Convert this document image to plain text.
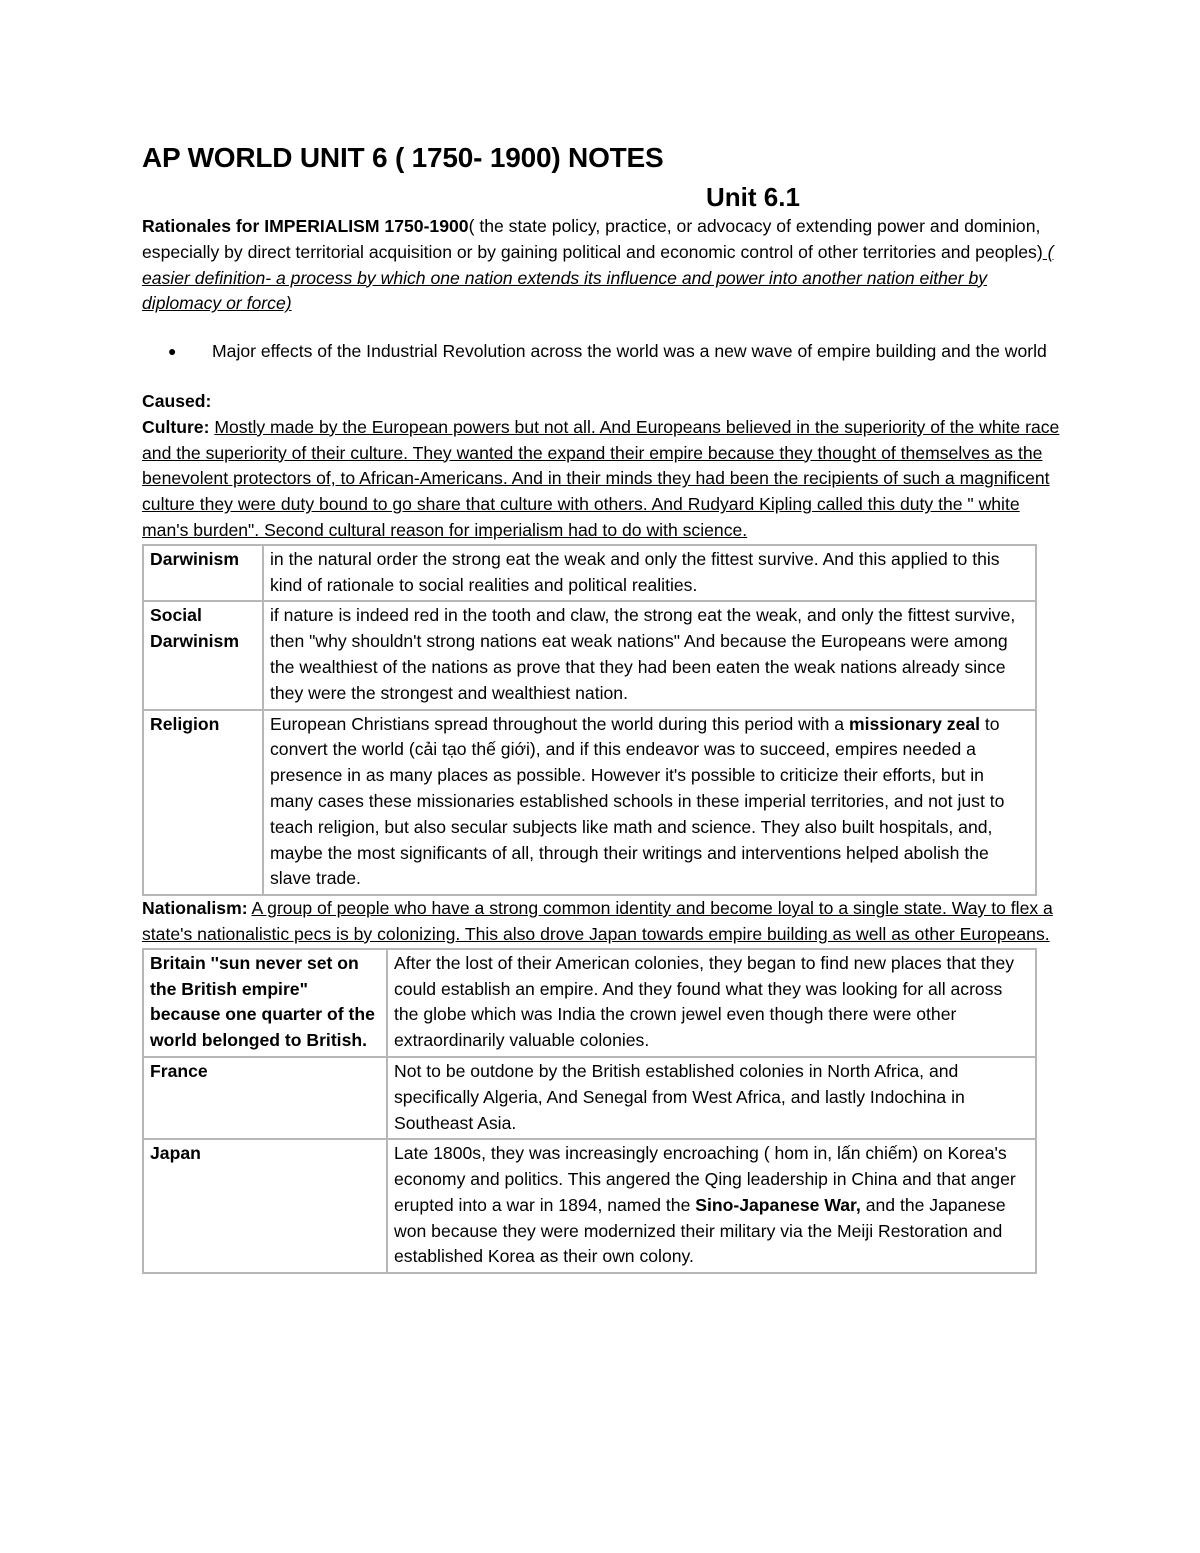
AP WORLD UNIT 6 ( 1750- 1900) NOTES
Unit 6.1

Rationales for IMPERIALISM 1750-1900( the state policy, practice, or advocacy of extending power and dominion, especially by direct territorial acquisition or by gaining political and economic control of other territories and peoples) ( easier definition- a process by which one nation extends its influence and power into another nation either by diplomacy or force)

● Major effects of the Industrial Revolution across the world was a new wave of empire building and the world

Caused:

Culture: Mostly made by the European powers but not all. And Europeans believed in the superiority of the white race and the superiority of their culture. They wanted the expand their empire because they thought of themselves as the benevolent protectors of, to African-Americans. And in their minds they had been the recipients of such a magnificent culture they were duty bound to go share that culture with others. And Rudyard Kipling called this duty the " white man's burden". Second cultural reason for imperialism had to do with science.

Darwinism	in the natural order the strong eat the weak and only the fittest survive. And this applied to this kind of rationale to social realities and political realities.
Social Darwinism	if nature is indeed red in the tooth and claw, the strong eat the weak, and only the fittest survive, then "why shouldn't strong nations eat weak nations" And because the Europeans were among the wealthiest of the nations as prove that they had been eaten the weak nations already since they were the strongest and wealthiest nation.
Religion	European Christians spread throughout the world during this period with a missionary zeal to convert the world (cải tạo thế giới), and if this endeavor was to succeed, empires needed a presence in as many places as possible. However it's possible to criticize their efforts, but in many cases these missionaries established schools in these imperial territories, and not just to teach religion, but also secular subjects like math and science. They also built hospitals, and, maybe the most significants of all, through their writings and interventions helped abolish the slave trade.

Nationalism: A group of people who have a strong common identity and become loyal to a single state. Way to flex a state's nationalistic pecs is by colonizing. This also drove Japan towards empire building as well as other Europeans.

Britain ''sun never set on the British empire" because one quarter of the world belonged to British.	After the lost of their American colonies, they began to find new places that they could establish an empire. And they found what they was looking for all across the globe which was India the crown jewel even though there were other extraordinarily valuable colonies.
France	Not to be outdone by the British established colonies in North Africa, and specifically Algeria, And Senegal from West Africa, and lastly Indochina in Southeast Asia.
Japan	Late 1800s, they was increasingly encroaching ( hom in, lấn chiếm) on Korea's economy and politics. This angered the Qing leadership in China and that anger erupted into a war in 1894, named the Sino-Japanese War, and the Japanese won because they were modernized their military via the Meiji Restoration and established Korea as their own colony.
